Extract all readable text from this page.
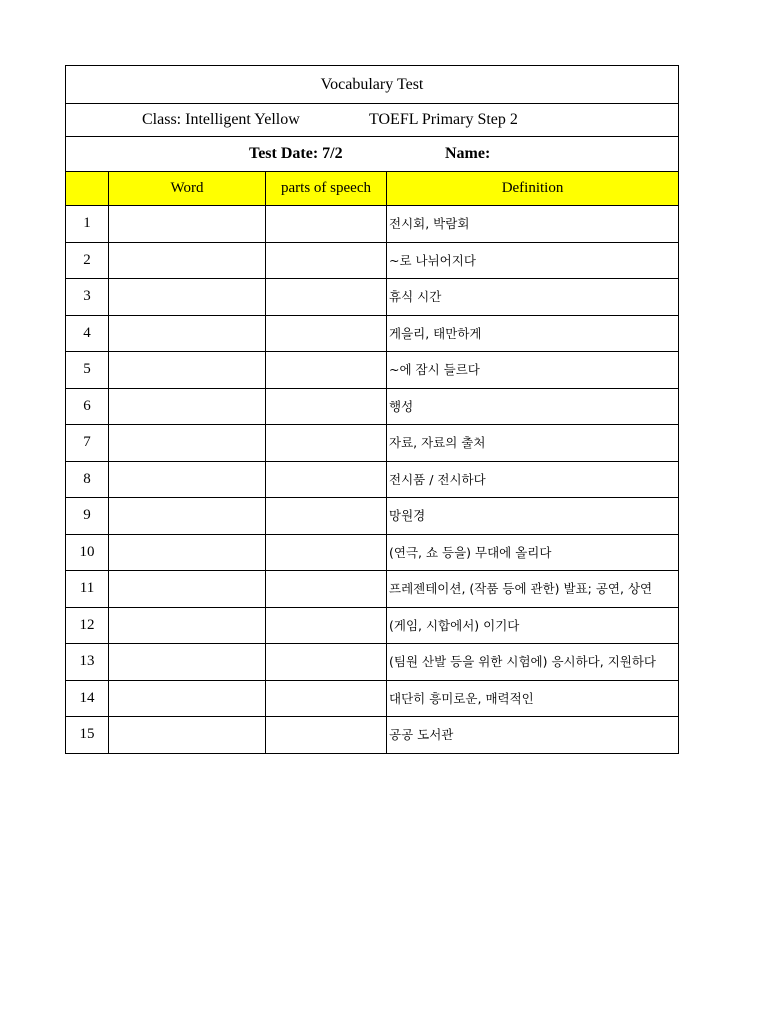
Vocabulary Test			

Class: Intelligent Yellow TOEFL Primary Step 2			

Test Date: 7/2 Name:			

	Word	parts of speech	Definition
1			전시회, 박람회
2			~로 나뉘어지다
3			휴식 시간
4			게을리, 태만하게
5			~에 잠시 들르다
6			행성
7			자료, 자료의 출처
8			전시품 / 전시하다
9			망원경
10			(연극, 쇼 등을) 무대에 올리다
11			프레젠테이션, (작품 등에 관한) 발표; 공연, 상연
12			(게임, 시합에서) 이기다
13			(팀원 산발 등을 위한 시험에) 응시하다, 지원하다
14			대단히 흥미로운, 매력적인
15			공공 도서관
